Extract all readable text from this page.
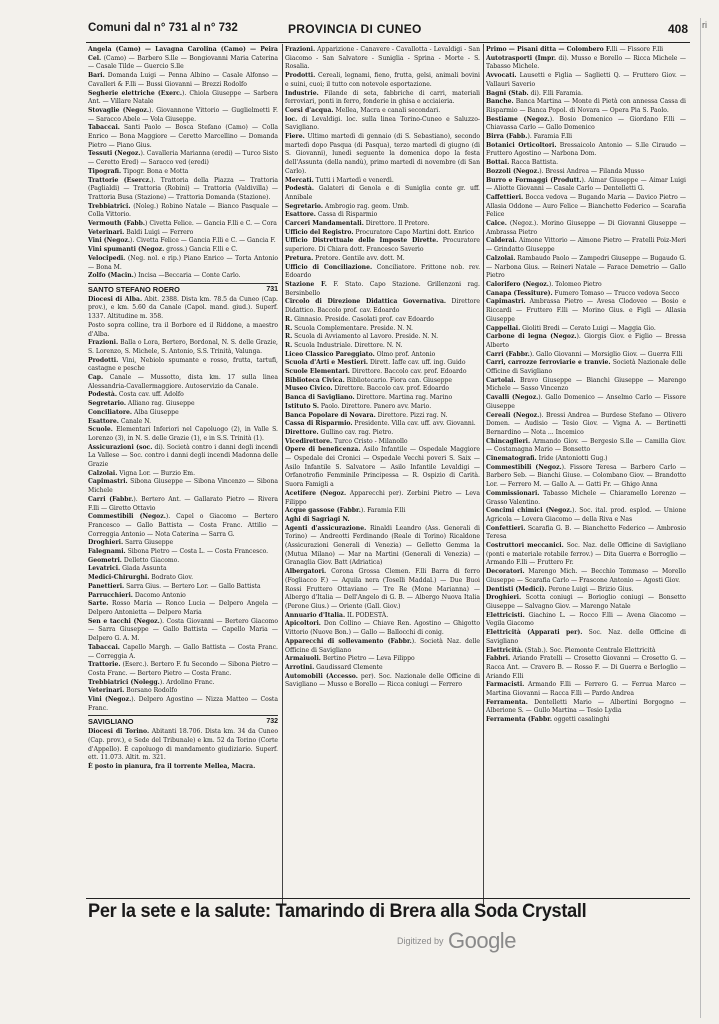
Comuni dal n° 731 al n° 732	PROVINCIA DI CUNEO	408

Angela (Camo) — Lavagna Carolina (Camo) — Peira Cel. (Camo) — Barbero S.lle — Bongiovanni Maria Caterina — Casale Tilde — Guercio S.lle

Bari. Domanda Luigi — Penna Albino — Casale Alfonso — Cavalleri & F.lli — Bussi Giovanni — Brezzi Rodolfo

Segherie elettriche (Exerc.). Chiola Giuseppe — Sarbera Ant. — Villare Natale

Stovaglie (Negoz.). Giovannone Vittorio — Guglielmetti F. — Saracco Abele — Vola Giuseppe.

Tabaccai. Santi Paolo — Bosca Stefano (Camo) — Colla Enrico — Bona Maggiore — Ceretto Marcellino — Domanda Pietro — Piano Gius.

Tessuti (Negoz.). Cavalleria Marianna (eredi) — Turco Sisto — Ceretto Ered) — Saracco ved (eredi)

Tipografi. Tipogr. Bona e Motta

Trattorie (Esercz.). Trattoria della Piazza — Trattoria (Paglialdi) — Trattoria (Robini) — Trattoria (Valdivilla) — Trattoria Busa (Stazione) — Trattoria Domanda (Stazione).

Trebbiatrici. (Noleg.) Robino Natale — Bianco Pasquale — Colla Vittorio.

Vermouth (Fabb.) Civetta Felice. — Gancia F.lli e C. — Cora

Veterinari. Baldi Luigi — Ferrero

Vini (Negoz.). Civetta Felice — Gancia F.lli e C. — Gancia F.

Vini spumanti (Negoz. gross.) Gancia F.lli e C.

Velocipedi. (Neg. nol. e rip.) Piano Enrico — Torta Antonio — Bona M.

Zolfo (Macin.) Incisa —Beccaria — Conte Carlo.

SANTO STEFANO ROERO	731

Diocesi di Alba. Abit. 2388. Dista km. 78.5 da Cuneo (Cap. prov.), e km. 5.60 da Canale (Capol. mand. giud.). Superf. 1337. Altitudine m. 358.

Posto sopra colline, tra il Borbore ed il Riddone, a maestro d'Alba.

Frazioni. Balla o Lora, Bertero, Bordonal, N. S. delle Grazie, S. Lorenzo, S. Michele, S. Antonio, S.S. Trinità, Valunga.

Prodotti. Vini, Nebiolo spumante e rosso, frutta, tartufi, castagne e pesche

Cap. Canale — Mussotto, dista km. 17 sulla linea Alessandria-Cavallermaggiore. Autoservizio da Canale.

Podestà. Costa cav. uff. Adolfo

Segretario. Alliano rag. Giuseppe

Conciliatore. Alba Giuseppe

Esattore. Canale N.

Scuole. Elementari Inferiori nel Capoluogo (2), in Valle S. Lorenzo (3), in N. S. delle Grazie (1), e in S.S. Trinità (1).

Assicurazioni (soc. di). Società contro i danni degli incendi La Vallese — Soc. contro i danni degli incendi Madonna delle Grazie

Calzolai. Vigna Lor. — Burzio Em.

Capimastri. Sibona Giuseppe — Sibona Vincenzo — Sibona Michele

Carri (Fabbr.). Bertero Ant. — Gallarato Pietro — Rivera F.lli — Giretto Ottavio

Commestibili (Negoz.). Capel o Giacomo — Bertero Francesco — Gallo Battista — Costa Franc. Attilio — Correggia Antonio — Nota Caterina — Sarra G.

Droghieri. Sarra Giuseppe

Falegnami. Sibona Pietro — Costa L. — Costa Francesco.

Geometri. Delletto Giacomo.

Levatrici. Giada Assunta

Medici-Chirurghi. Bodrato Giov.

Panettieri. Sarra Gius. — Bertero Lor. — Gallo Battista

Parrucchieri. Dacomo Antonio

Sarte. Rosso Maria — Ronco Lucia — Delpero Angela — Delpero Antonietta — Delpero Maria

Sen e tacchi (Negoz.). Costa Giovanni — Bertero Giacomo — Sarra Giuseppe — Gallo Battista — Capello Maria — Delpero G. A. M.

Tabaccai. Capello Margh. — Gallo Battista — Costa Franc. — Correggia A.

Trattorie. (Eserc.). Bertero F. fu Secondo — Sibona Pietro — Costa Franc. — Bertero Pietro — Costa Franc.

Trebbiatrici (Nolegg.). Ardolino Franc.

Veterinari. Borsano Rodolfo

Vini (Negoz.). Delpero Agostino — Nizza Matteo — Costa Franc.

SAVIGLIANO	732

Diocesi di Torino. Abitanti 18.706. Dista km. 34 da Cuneo (Cap. prov.), e Sede del Tribunale) e km. 52 da Torino (Corte d'Appello). È capoluogo di mandamento giudiziario. Superf. ett. 11.073. Altit. m. 321.

È posto in pianura, fra il torrente Mellea, Macra.

Frazioni. Apparizione - Canavere - Cavallotta - Levaldigi - San Giacomo - San Salvatore - Suniglia - Sprina - Morte - S. Rosalia.

Prodotti. Cereali, legnami, fieno, frutta, gelsi, animali bovini e suini, cuoi; il tutto con notevole esportazione.

Industrie. Filande di seta, fabbriche di carri, materiali ferroviari, ponti in ferro, fonderie in ghisa e acciaieria.

Corsi d'acqua. Mellea, Macra e canali secondari.

loc. di Levaldigi. loc. sulla linea Torino-Cuneo e Saluzzo-Savigliano.

Fiere. Ultimo martedì di gennaio (di S. Sebastiano), secondo martedì dopo Pasqua (di Pasqua), terzo martedì di giugno (di S. Giovanni), lunedì seguente la domenica dopo la festa dell'Assunta (della nandù), primo martedì di novembre (di San Carlo).

Mercati. Tutti i Martedì e venerdì.

Podestà. Galateri di Genola e di Suniglia conte gr. uff. Annibale

Segretario. Ambrogio rag. geom. Umb.

Esattore. Cassa di Risparmio

Carceri Mandamentali. Direttore. Il Pretore.

Ufficio del Registro. Procuratore Capo Martini dott. Enrico

Ufficio Distrettuale delle Imposte Dirette. Procuratore superiore. Di Chiara dott. Francesco Saverio

Pretura. Pretore. Gentile avv. dott. M.

Ufficio di Conciliazione. Conciliatore. Frittone nob. rev. Edoardo

Stazione F. F. Stato. Capo Stazione. Grillenzoni rag. Bersinbello

Circolo di Direzione Didattica Governativa. Direttore Didattico. Baccolo prof. cav. Edoardo

R. Ginnasio. Preside. Casolati prof. cav Edoardo

R. Scuola Complementare. Preside. N. N.

R. Scuola di Avviamento al Lavoro. Preside. N. N.

R. Scuola Industriale. Direttore. N. N.

Liceo Classico Pareggiato. Olmo prof. Antonio

Scuola d'Arti e Mestieri. Dirett. Iaffe cav. uff. ing. Guido

Scuole Elementari. Direttore. Baccolo cav. prof. Edoardo

Biblioteca Civica. Bibliotecario. Fiora can. Giuseppe

Museo Civico. Direttore. Baccolo cav. prof. Edoardo

Banca di Savigliano. Direttore. Martina rag. Marino

Istituto S. Paolo. Direttore. Panero avv. Mario.

Banca Popolare di Novara. Direttore. Pizzi rag. N.

Cassa di Risparmio. Presidente. Villa cav. uff. avv. Giovanni.

Direttore. Gullino cav. rag. Pietro.

Vicedirettore. Turco Cristo - Milanollo

Opere di beneficenza. Asilo Infantile — Ospedale Maggiore — Ospedale dei Cronici — Ospedale Vecchi poveri S. Saix — Asilo Infantile S. Salvatore — Asilo Infantile Levaldigi — Orfanotrofio Femminile Principessa — R. Ospizio di Carità. Suora Famigli a

Acetifere (Negoz. Apparecchi per). Zerbini Pietro — Leva Filippo

Acque gassose (Fabbr.). Faramia F.lli

Aghi di Sagriagi N.

Agenti d'assicurazione. Rinaldi Leandro (Ass. Generali di Torino) — Andreotti Ferdinando (Reale di Torino) Ricaldone (Assicurazioni Generali di Venezia) — Gelletto Gemma la (Mutua Milano) — Mar na Martini (Generali di Venezia) — Granaglia Giov. Batt (Adriatica)

Albergatori. Corona Grossa Clemen. F.lli Barra di ferro (Fogliacco F.) — Aquila nera (Toselli Maddal.) — Due Buoi Rossi Fruttero Ottaviano — Tre Re (Mone Marianna) — Albergo d'Italia — Dell'Angelo di G. B. — Albergo Nuova Italia (Perone Gius.) — Oriente (Gall. Giov.)

Annuario d'Italia. IL PODESTÀ.

Apicoltori. Don Collino — Chiave Ren. Agostino — Ghigotto Vittorio (Nuove Bon.) — Gallo — Ballocchi di conig.

Apparecchi di sollevamento (Fabbr.). Società Naz. delle Officine di Savigliano

Armaiuoli. Bertino Pietro — Leva Filippo

Arrotini. Gaudissard Clemente

Automobili (Accesso. per). Soc. Nazionale delle Officine di Savigliano — Musso e Borello — Ricca coniugi — Ferrero

Primo — Pisani ditta — Colombero F.lli — Fissore F.lli

Autotrasporti (Impr. di). Musso e Borello — Ricca Michele — Tabasso Michele.

Avvocati. Lausetti e Figlia — Saglietti Q. — Fruttero Giov. — Vallauri Saverio

Bagni (Stab. di). F.lli Faramia.

Banche. Banca Martina — Monte di Pietà con annessa Cassa di Risparmio — Banca Popol. di Novara — Opera Pia S. Paolo.

Bestiame (Negoz.). Bosio Domenico — Giordano F.lli — Chiavassa Carlo — Gallo Domenico

Birra (Fabb.). Faramia F.lli

Botanici Orticoltori. Bressaicolo Antonio — S.lle Ciraudo — Fruttero Agostino — Narbona Dom.

Bottai. Racca Battista.

Bozzoli (Negoz.). Bressi Andrea — Filanda Musso

Burro e Formaggi (Produtt.). Aimar Giuseppe — Aimar Luigi — Aliotte Giovanni — Casale Carlo — Dentelletti G.

Caffettieri. Bocca vedova — Bugando Maria — Davico Pietro — Allasia Oddone — Auro Felice — Bianchetto Federico — Scarafia Felice

Calce. (Negoz.). Morino Giuseppe — Di Giovanni Giuseppe — Ambrassa Pietro

Calderai. Aimone Vittorio — Aimone Pietro — Fratelli Poiz-Meri — Grindatto Giuseppe

Calzolai. Rambaudo Paolo — Zampedri Giuseppe — Bugaudo G. — Narbona Gius. — Reineri Natale — Farace Demetrio — Gallo Pietro

Calorifero (Negoz.). Tolomeo Pietro

Canapa (Tessiture). Fumero Tomaso — Trucco vedova Secco

Capimastri. Ambrassa Pietro — Avesa Clodoveo — Bosio e Riccardi — Fruttero F.lli — Morino Gius. e Figli — Allasia Giuseppe

Cappellai. Gioliti Bredi — Cerato Luigi — Maggia Gio.

Carbone di legna (Negoz.). Giorgis Giov. e Figlio — Bressa Alberto

Carri (Fabbr.). Gallo Giovanni — Morsiglio Giov. — Guerra F.lli

Carri, carrozze ferroviarie e tranvie. Società Nazionale delle Officine di Savigliano

Cartolai. Bravo Giuseppe — Bianchi Giuseppe — Marengo Michele — Sasso Vincenzo

Cavalli (Negoz.). Gallo Domenico — Anselmo Carlo — Fissore Giuseppe

Cereali (Negoz.). Bressi Andrea — Burdese Stefano — Olivero Domen. — Audisio — Tesio Giov. — Vigna A. — Bertinetti Bernardino — Nota ... Incemico

Chincaglieri. Armando Giov. — Bergesio S.lle — Camilla Giov. — Costamagna Mario — Bonsetto

Cinematografi. Iride (Antoniotti Gug.)

Commestibili (Negoz.). Fissore Teresa — Barbero Carlo — Barbero Seb. — Bianchi Giuse. — Colombano Giov. — Brandotto Lor. — Ferrero M. — Gallo A. — Gatti Fr. — Ghigo Anna

Commissionari. Tabasso Michele — Chiaramello Lorenzo — Grasso Valentino.

Concimi chimici (Negoz.). Soc. ital. prod. esplod. — Unione Agricola — Lovera Giacomo — della Riva e Nas

Confettieri. Scarafia G. B. — Bianchetto Federico — Ambrosio Teresa

Costruttori meccanici. Soc. Naz. delle Officine di Savigliano (ponti e materiale rotabile ferrov.) — Dita Guerra e Borroglio — Armando F.lli — Fruttero Fr.

Decoratori. Marengo Mich. — Becchio Tommaso — Morello Giuseppe — Scarafia Carlo — Frascone Antonio — Agosti Giov.

Dentisti (Medici). Perone Luigi — Brizio Gius.

Droghieri. Scotta coniugi — Borioglio coniugi — Bonsetto Giuseppe — Salvagno Giov. — Marengo Natale

Elettricisti. Giachino L. — Rocco F.lli — Avena Giacomo — Vegila Giacomo

Elettricità (Apparati per). Soc. Naz. delle Officine di Savigliano

Elettricità. (Stab.). Soc. Piemonte Centrale Elettricità

Fabbri. Ariando Fratelli — Crosetto Giovanni — Crosetto G. — Racca Ant. — Cravero B. — Rosso F. — Di Guerra e Berloglio — Ariando F.lli

Farmacisti. Armando F.lli — Ferrero G. — Ferrua Marco — Martina Giovanni — Racca F.lli — Pardo Andrea

Ferramenta. Dentelletti Mario — Albertini Borgogno — Alberione S. — Gullo Martina — Tesio Lydia

Ferramenta (Fabbr. oggetti casalinghi

Per la sete e la salute: Tamarindo di Brera alla Soda Crystall
Digitized by Google
ri
